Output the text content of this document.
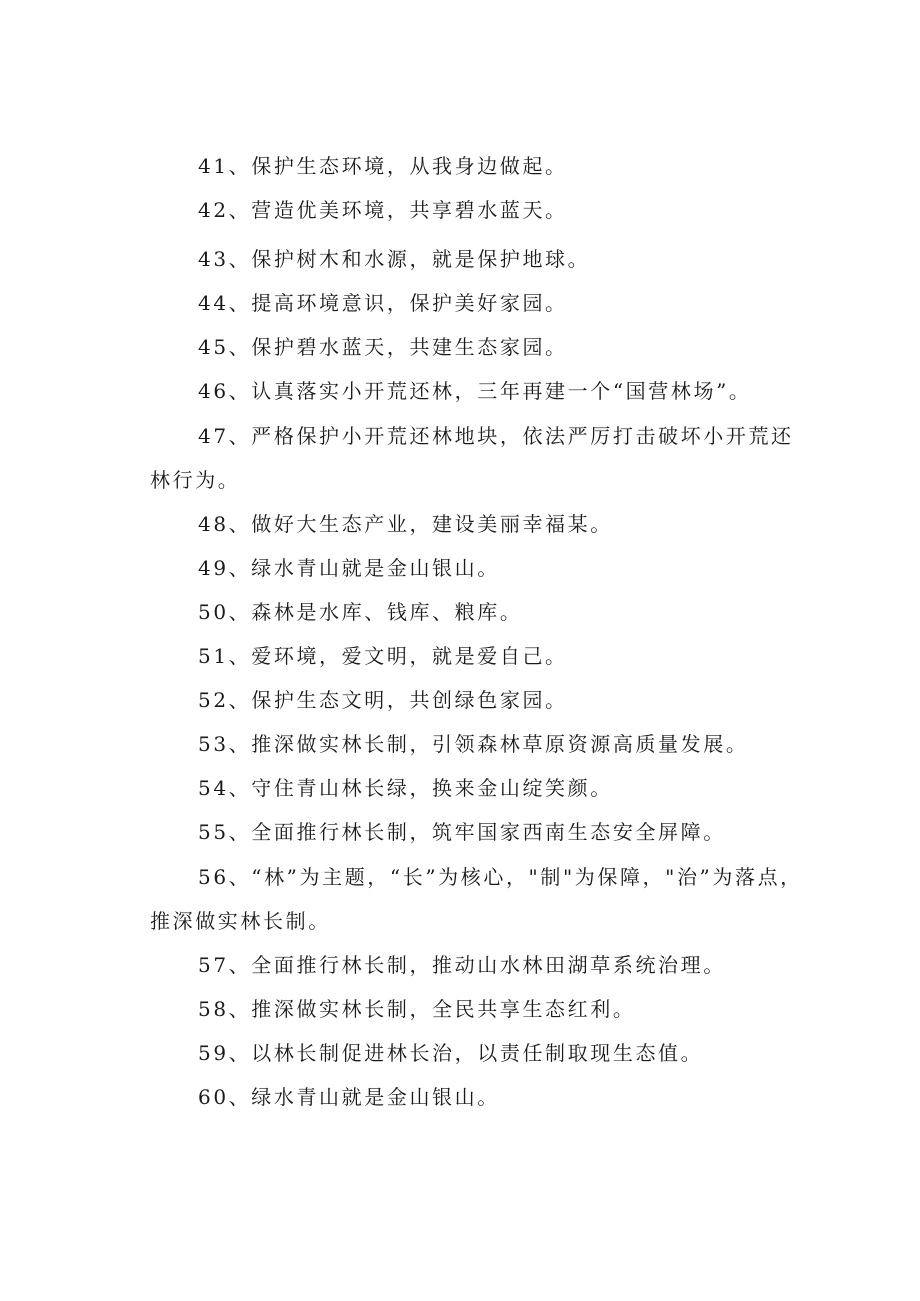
41、保护生态环境，从我身边做起。

42、营造优美环境，共享碧水蓝天。

43、保护树木和水源，就是保护地球。

44、提高环境意识，保护美好家园。

45、保护碧水蓝天，共建生态家园。

46、认真落实小开荒还林，三年再建一个“国营林场”。

47、严格保护小开荒还林地块，依法严厉打击破坏小开荒还林行为。

48、做好大生态产业，建设美丽幸福某。

49、绿水青山就是金山银山。

50、森林是水库、钱库、粮库。

51、爱环境，爱文明，就是爱自己。

52、保护生态文明，共创绿色家园。

53、推深做实林长制，引领森林草原资源高质量发展。

54、守住青山林长绿，换来金山绽笑颜。

55、全面推行林长制，筑牢国家西南生态安全屏障。

56、“林”为主题，“长”为核心，"制"为保障，"治”为落点，推深做实林长制。

57、全面推行林长制，推动山水林田湖草系统治理。

58、推深做实林长制，全民共享生态红利。

59、以林长制促进林长治，以责任制取现生态值。

60、绿水青山就是金山银山。
